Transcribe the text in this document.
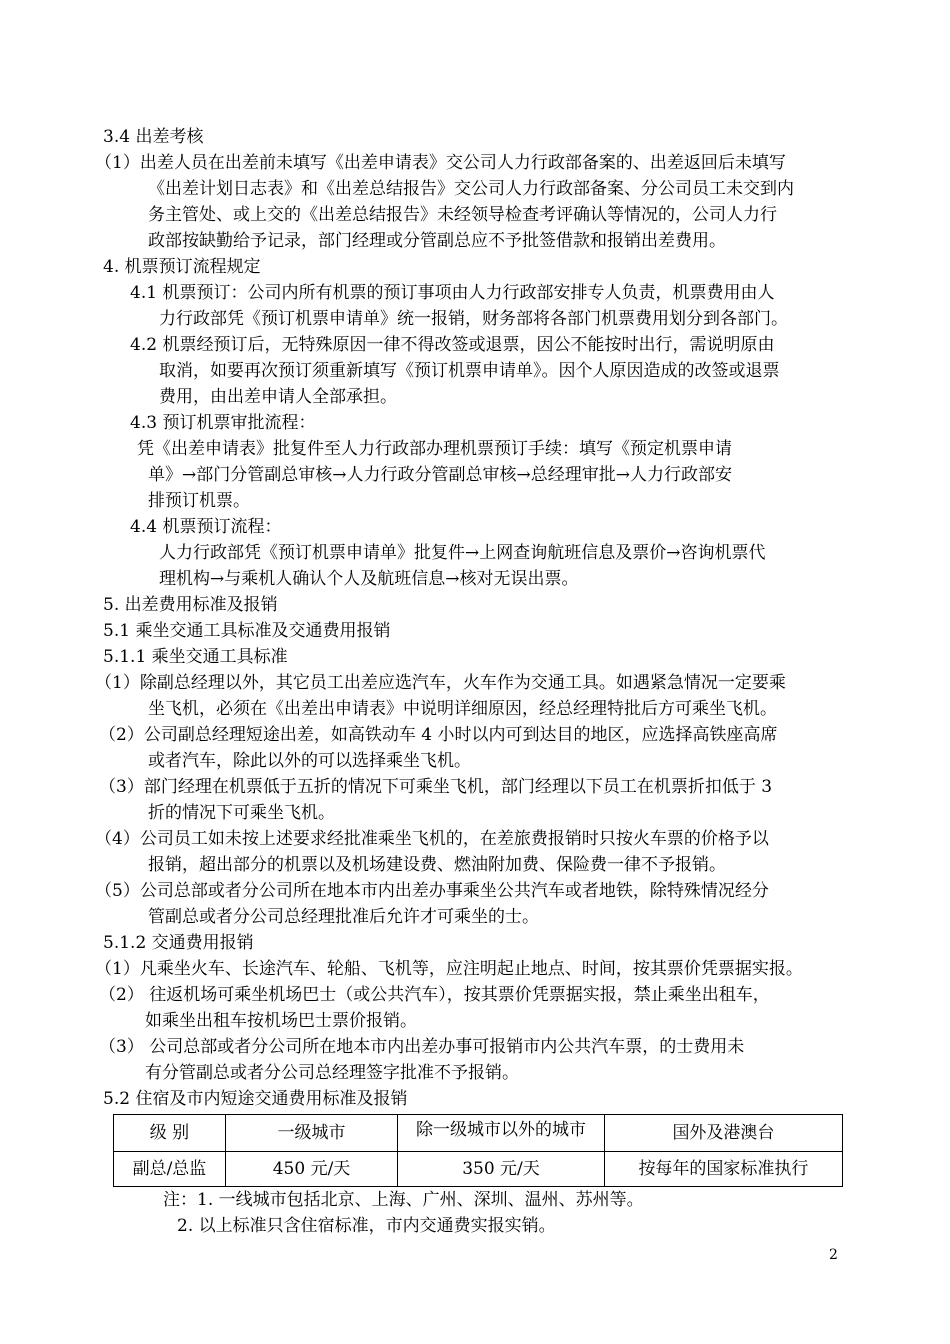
3.4 出差考核
（1）出差人员在出差前未填写《出差申请表》交公司人力行政部备案的、出差返回后未填写
《出差计划日志表》和《出差总结报告》交公司人力行政部备案、分公司员工未交到内
务主管处、或上交的《出差总结报告》未经领导检查考评确认等情况的，公司人力行
政部按缺勤给予记录，部门经理或分管副总应不予批签借款和报销出差费用。
4. 机票预订流程规定
4.1 机票预订：公司内所有机票的预订事项由人力行政部安排专人负责，机票费用由人
力行政部凭《预订机票申请单》统一报销，财务部将各部门机票费用划分到各部门。
4.2 机票经预订后，无特殊原因一律不得改签或退票，因公不能按时出行，需说明原由
取消，如要再次预订须重新填写《预订机票申请单》。因个人原因造成的改签或退票
费用，由出差申请人全部承担。
4.3 预订机票审批流程：
凭《出差申请表》批复件至人力行政部办理机票预订手续：填写《预定机票申请
单》→部门分管副总审核→人力行政分管副总审核→总经理审批→人力行政部安
排预订机票。
4.4 机票预订流程：
人力行政部凭《预订机票申请单》批复件→上网查询航班信息及票价→咨询机票代
理机构→与乘机人确认个人及航班信息→核对无误出票。
5. 出差费用标准及报销
5.1 乘坐交通工具标准及交通费用报销
5.1.1 乘坐交通工具标准
（1）除副总经理以外，其它员工出差应选汽车，火车作为交通工具。如遇紧急情况一定要乘
坐飞机，必须在《出差出申请表》中说明详细原因，经总经理特批后方可乘坐飞机。
（2）公司副总经理短途出差，如高铁动车 4 小时以内可到达目的地区，应选择高铁座高席
或者汽车，除此以外的可以选择乘坐飞机。
（3）部门经理在机票低于五折的情况下可乘坐飞机，部门经理以下员工在机票折扣低于 3
折的情况下可乘坐飞机。
（4）公司员工如未按上述要求经批准乘坐飞机的，在差旅费报销时只按火车票的价格予以
报销，超出部分的机票以及机场建设费、燃油附加费、保险费一律不予报销。
（5）公司总部或者分公司所在地本市内出差办事乘坐公共汽车或者地铁，除特殊情况经分
管副总或者分公司总经理批准后允许才可乘坐的士。
5.1.2 交通费用报销
（1）凡乘坐火车、长途汽车、轮船、飞机等，应注明起止地点、时间，按其票价凭票据实报。
（2） 往返机场可乘坐机场巴士（或公共汽车），按其票价凭票据实报，禁止乘坐出租车，
如乘坐出租车按机场巴士票价报销。
（3） 公司总部或者分公司所在地本市内出差办事可报销市内公共汽车票，的士费用未
有分管副总或者分公司总经理签字批准不予报销。
5.2 住宿及市内短途交通费用标准及报销
级 别	一级城市	除一级城市以外的城市	国外及港澳台
副总/总监	450 元/天	350 元/天	按每年的国家标准执行
注：1. 一线城市包括北京、上海、广州、深圳、温州、苏州等。
2. 以上标准只含住宿标准，市内交通费实报实销。
2
